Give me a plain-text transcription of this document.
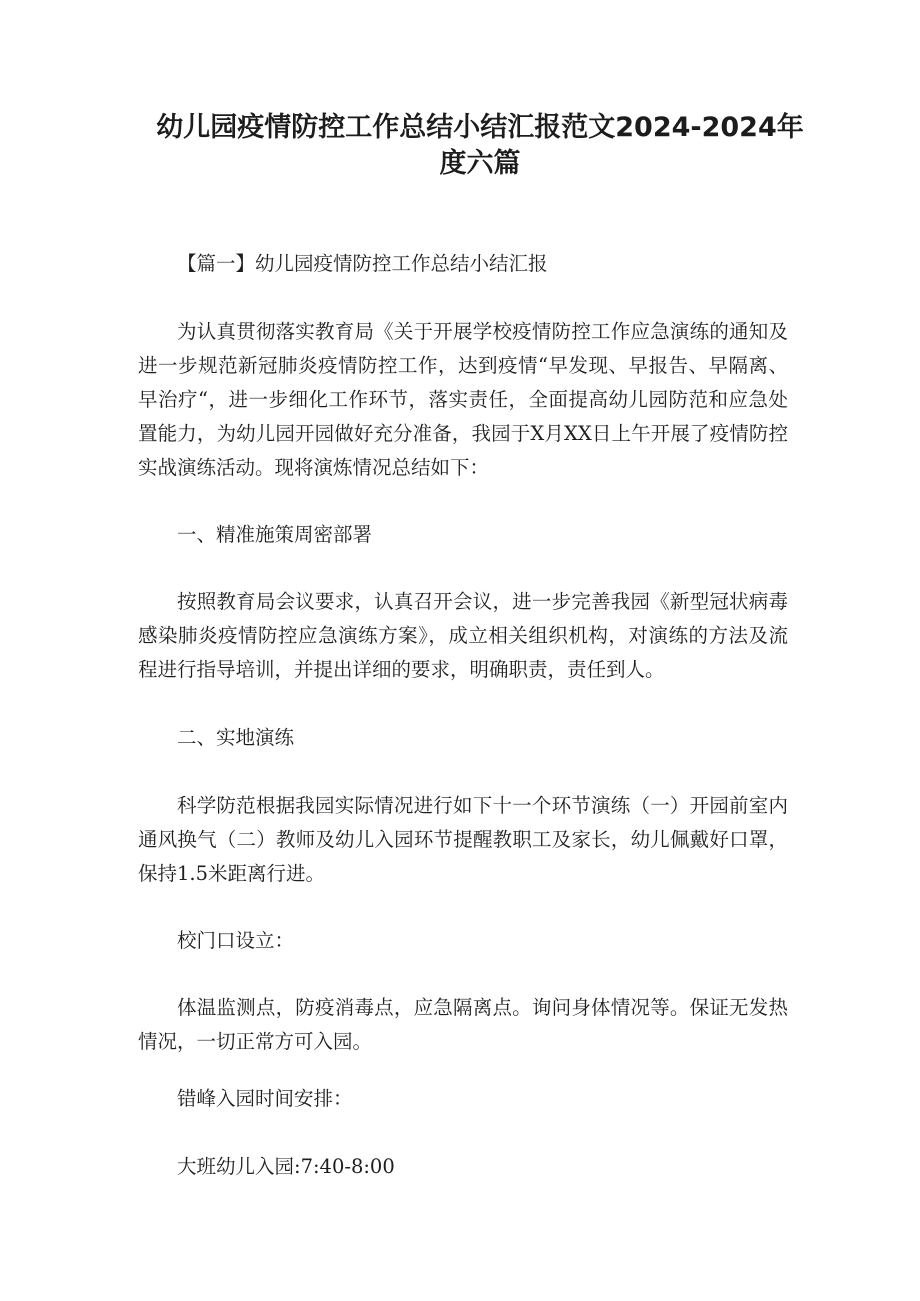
幼儿园疫情防控工作总结小结汇报范文2024-2024年度六篇

【篇一】幼儿园疫情防控工作总结小结汇报

为认真贯彻落实教育局《关于开展学校疫情防控工作应急演练的通知及进一步规范新冠肺炎疫情防控工作，达到疫情“早发现、早报告、早隔离、早治疗“，进一步细化工作环节，落实责任，全面提高幼儿园防范和应急处置能力，为幼儿园开园做好充分准备，我园于X月XX日上午开展了疫情防控实战演练活动。现将演炼情况总结如下：

一、精准施策周密部署

按照教育局会议要求，认真召开会议，进一步完善我园《新型冠状病毒感染肺炎疫情防控应急演练方案》，成立相关组织机构，对演练的方法及流程进行指导培训，并提出详细的要求，明确职责，责任到人。

二、实地演练

科学防范根据我园实际情况进行如下十一个环节演练（一）开园前室内通风换气（二）教师及幼儿入园环节提醒教职工及家长，幼儿佩戴好口罩，保持1.5米距离行进。

校门口设立：

体温监测点，防疫消毒点，应急隔离点。询问身体情况等。保证无发热情况，一切正常方可入园。

错峰入园时间安排：

大班幼儿入园:7:40-8:00
